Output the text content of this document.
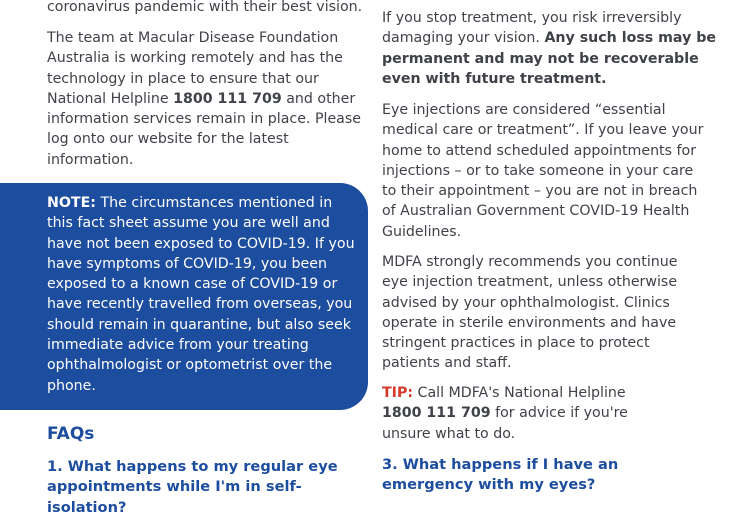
coronavirus pandemic with their best vision.

The team at Macular Disease Foundation Australia is working remotely and has the technology in place to ensure that our National Helpline 1800 111 709 and other information services remain in place. Please log onto our website for the latest information.

NOTE: The circumstances mentioned in this fact sheet assume you are well and have not been exposed to COVID-19. If you have symptoms of COVID-19, you been exposed to a known case of COVID-19 or have recently travelled from overseas, you should remain in quarantine, but also seek immediate advice from your treating ophthalmologist or optometrist over the phone.

FAQs

1. What happens to my regular eye appointments while I'm in self-isolation?

If you stop treatment, you risk irreversibly damaging your vision. Any such loss may be permanent and may not be recoverable even with future treatment.

Eye injections are considered “essential medical care or treatment”. If you leave your home to attend scheduled appointments for injections – or to take someone in your care to their appointment – you are not in breach of Australian Government COVID-19 Health Guidelines.

MDFA strongly recommends you continue eye injection treatment, unless otherwise advised by your ophthalmologist. Clinics operate in sterile environments and have stringent practices in place to protect patients and staff.

TIP: Call MDFA's National Helpline 1800 111 709 for advice if you're unsure what to do.

3. What happens if I have an emergency with my eyes?
